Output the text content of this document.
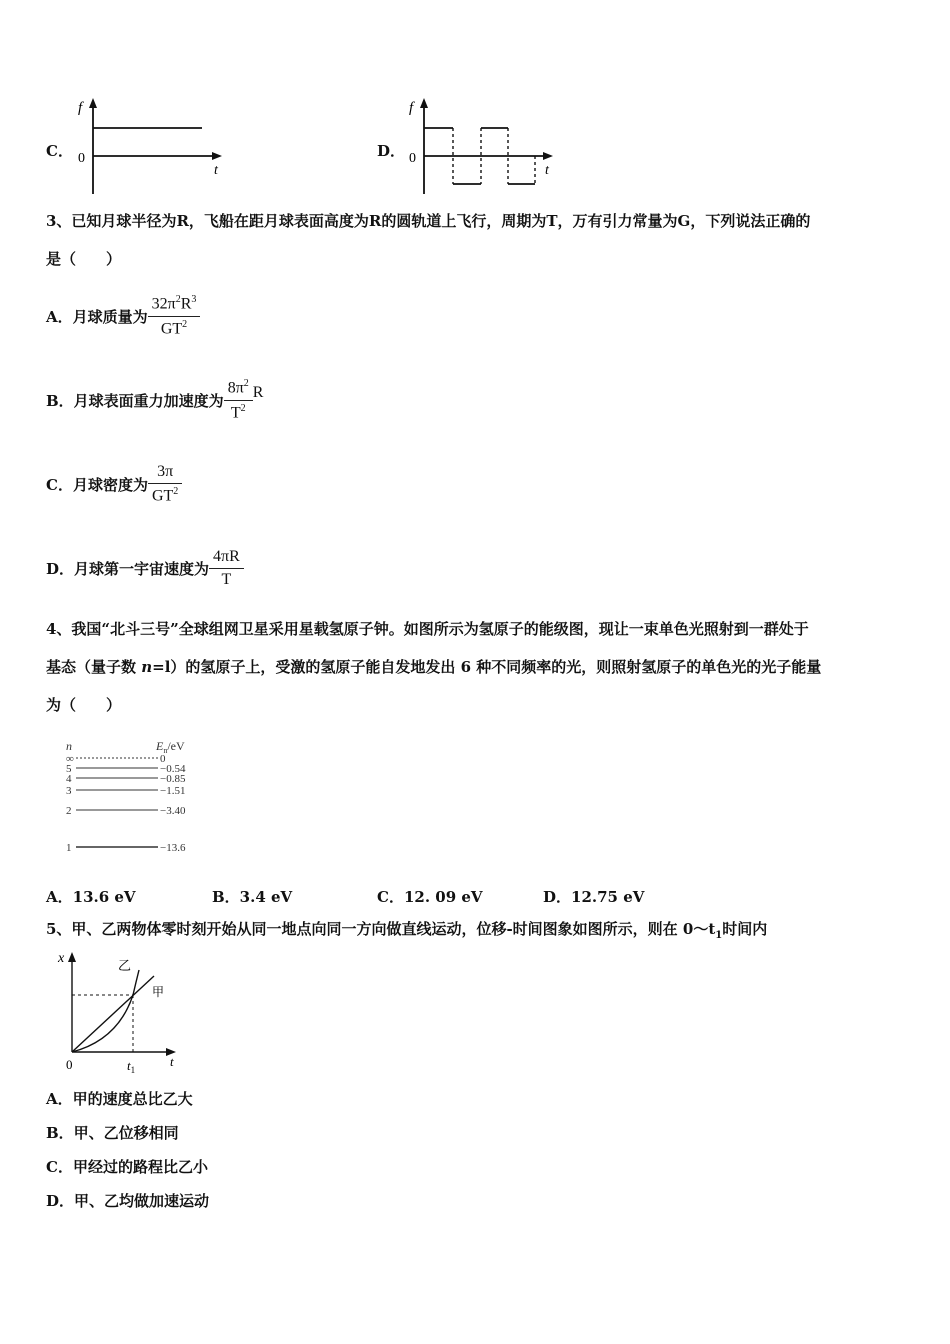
C．
f
0
t
D．
f
0
t
3、已知月球半径为R，飞船在距月球表面高度为R的圆轨道上飞行，周期为T，万有引力常量为G，下列说法正确的
是（　　）
A．月球质量为 $\frac{32\pi^2R^3}{GT^2}$
B．月球表面重力加速度为 $\frac{8\pi^2}{T^2}$ R
C．月球密度为 $\frac{3\pi}{GT^2}$
D．月球第一宇宙速度为 $\frac{4\pi R}{T}$
4、我国“北斗三号”全球组网卫星采用星载氢原子钟。如图所示为氢原子的能级图，现让一束单色光照射到一群处于
基态（量子数 n=l）的氢原子上，受激的氢原子能自发地发出 6 种不同频率的光，则照射氢原子的单色光的光子能量
为（　　）
n	$E_n/eV$
∞	0
5	−0.54
4	−0.85
3	−1.51
2	−3.40
1	−13.6
A．13.6 eV	B．3.4 eV	C．12. 09 eV	D．12.75 eV
5、甲、乙两物体零时刻开始从同一地点向同一方向做直线运动，位移-时间图象如图所示，则在 $0\sim t_1$时间内
x
0	t
$t_1$
乙
甲
A．甲的速度总比乙大
B．甲、乙位移相同
C．甲经过的路程比乙小
D．甲、乙均做加速运动
